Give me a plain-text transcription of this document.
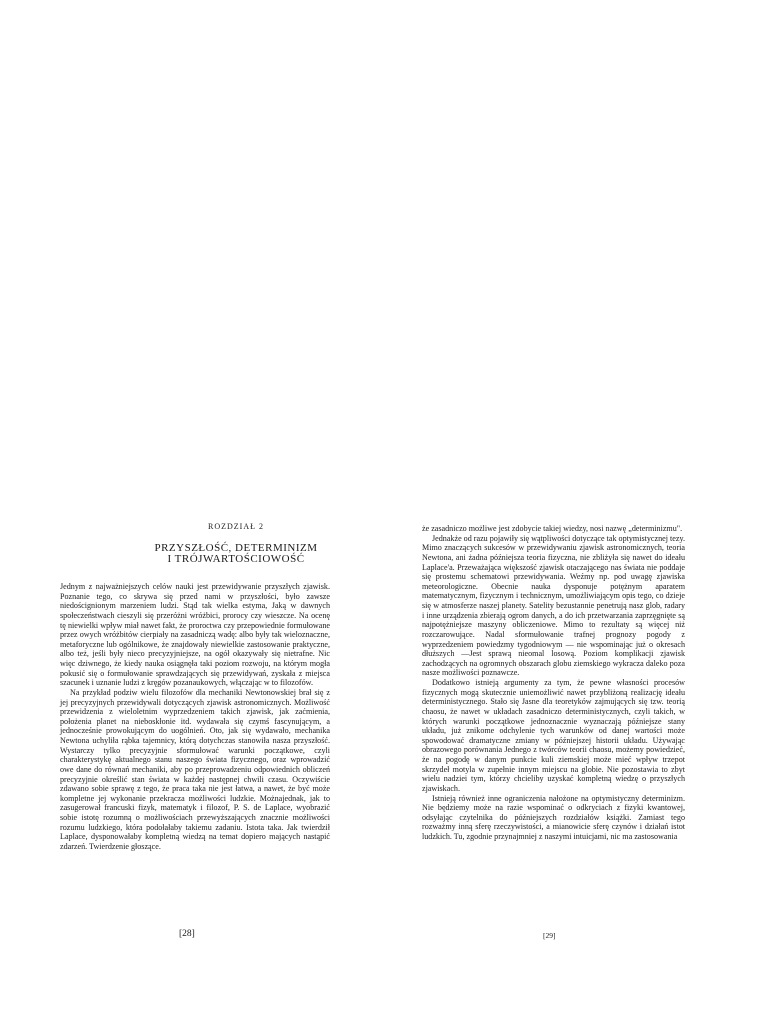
ROZDZIAŁ 2
PRZYSZŁOŚĆ, DETERMINIZM
I TRÓJWARTOŚCIOWOŚĆ

Jednym z najważniejszych celów nauki jest przewidywanie przyszłych zjawisk. Poznanie tego, co skrywa się przed nami w przyszłości, było zawsze niedoścignionym marzeniem ludzi. Stąd tak wielka estyma, Jaką w dawnych społeczeństwach cieszyli się przeróżni wróżbici, prorocy czy wieszcze. Na ocenę tę niewielki wpływ miał nawet fakt, że proroctwa czy przepowiednie formułowane przez owych wróżbitów cierpiały na zasadniczą wadę: albo były tak wieloznaczne, metaforyczne lub ogólnikowe, że znajdowały niewielkie zastosowanie praktyczne, albo też, jeśli były nieco precyzyjniejsze, na ogół okazywały się nietrafne. Nic więc dziwnego, że kiedy nauka osiągnęła taki poziom rozwoju, na którym mogła pokusić się o formułowanie sprawdzających się przewidywań, zyskała z miejsca szacunek i uznanie ludzi z kręgów pozanaukowych, włączając w to filozofów.

Na przykład podziw wielu filozofów dla mechaniki Newtonowskiej brał się z jej precyzyjnych przewidywali dotyczących zjawisk astronomicznych. Możliwość przewidzenia z wieloletnim wyprzedzeniem takich zjawisk, jak zaćmienia, położenia planet na nieboskłonie itd. wydawała się czymś fascynującym, a jednocześnie prowokującym do uogólnień. Oto, jak się wydawało, mechanika Newtona uchyliła rąbka tajemnicy, którą dotychczas stanowiła nasza przyszłość. Wystarczy tylko precyzyjnie sformułować warunki początkowe, czyli charakterystykę aktualnego stanu naszego świata fizycznego, oraz wprowadzić owe dane do równań mechaniki, aby po przeprowadzeniu odpowiednich obliczeń precyzyjnie określić stan świata w każdej następnej chwili czasu. Oczywiście zdawano sobie sprawę z tego, że praca taka nie jest łatwa, a nawet, że być może kompletne jej wykonanie przekracza możliwości ludzkie. Możnajednak, jak to zasugerował francuski fizyk, matematyk i filozof, P. S. de Laplace, wyobrazić sobie istotę rozumną o możliwościach przewyższających znacznie możliwości rozumu ludzkiego, która podołałaby takiemu zadaniu. Istota taka. Jak twierdził Laplace, dysponowałaby kompletną wiedzą na temat dopiero mających nastąpić zdarzeń. Twierdzenie głoszące.

[28]

że zasadniczo możliwe jest zdobycie takiej wiedzy, nosi nazwę „determinizmu".

Jednakże od razu pojawiły się wątpliwości dotyczące tak optymistycznej tezy. Mimo znaczących sukcesów w przewidywaniu zjawisk astronomicznych, teoria Newtona, ani żadna późniejsza teoria fizyczna, nie zbliżyła się nawet do ideału Laplace'a. Przeważająca większość zjawisk otaczającego nas świata nie poddaje się prostemu schematowi przewidywania. Weźmy np. pod uwagę zjawiska meteorologiczne. Obecnie nauka dysponuje potężnym aparatem matematycznym, fizycznym i technicznym, umożliwiającym opis tego, co dzieje się w atmosferze naszej planety. Satelity bezustannie penetrują nasz glob, radary i inne urządzenia zbierają ogrom danych, a do ich przetwarzania zaprzęgnięte są najpotężniejsze maszyny obliczeniowe. Mimo to rezultaty są więcej niż rozczarowujące. Nadal sformułowanie trafnej prognozy pogody z wyprzedzeniem powiedzmy tygodniowym — nie wspominając już o okresach dłuższych —Jest sprawą nieomal losową. Poziom komplikacji zjawisk zachodzących na ogromnych obszarach globu ziemskiego wykracza daleko poza nasze możliwości poznawcze.

Dodatkowo istnieją argumenty za tym, że pewne własności procesów fizycznych mogą skutecznie uniemożliwić nawet przybliżoną realizację ideału deterministycznego. Stało się Jasne dla teoretyków zajmujących się tzw. teorią chaosu, że nawet w układach zasadniczo deterministycznych, czyli takich, w których warunki początkowe jednoznacznie wyznaczają późniejsze stany układu, już znikome odchylenie tych warunków od danej wartości może spowodować dramatyczne zmiany w późniejszej historii układu. Używając obrazowego porównania Jednego z twórców teorii chaosu, możemy powiedzieć, że na pogodę w danym punkcie kuli ziemskiej może mieć wpływ trzepot skrzydeł motyla w zupełnie innym miejscu na globie. Nie pozostawia to zbyt wielu nadziei tym, którzy chcieliby uzyskać kompletną wiedzę o przyszłych zjawiskach.

Istnieją również inne ograniczenia nałożone na optymistyczny determinizm. Nie będziemy może na razie wspominać o odkryciach z fizyki kwantowej, odsyłając czytelnika do późniejszych rozdziałów książki. Zamiast tego rozważmy inną sferę rzeczywistości, a mianowicie sferę czynów i działań istot ludzkich. Tu, zgodnie przynajmniej z naszymi intuicjami, nic ma zastosowania

[29]
